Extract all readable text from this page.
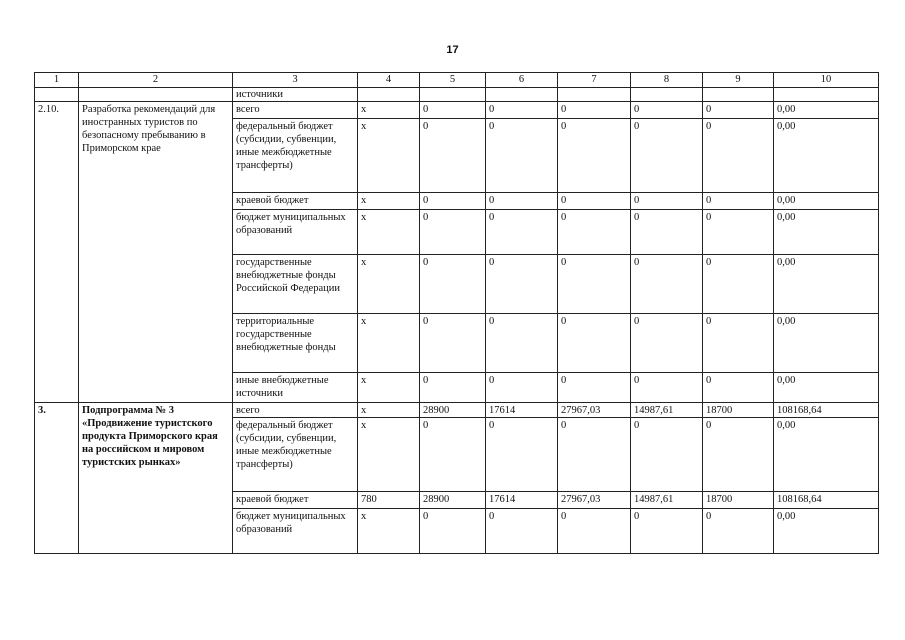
17
1	2	3	4	5	6	7	8	9	10
		источники							
2.10.	Разработка рекомендаций для иностранных туристов по безопасному пребыванию в Приморском крае	всего	х	0	0	0	0	0	0,00
		федеральный бюджет (субсидии, субвенции, иные межбюджетные трансферты)	х	0	0	0	0	0	0,00
		краевой бюджет	х	0	0	0	0	0	0,00
		бюджет муниципальных образований	х	0	0	0	0	0	0,00
		государственные внебюджетные фонды Российской Федерации	х	0	0	0	0	0	0,00
		территориальные государственные внебюджетные фонды	х	0	0	0	0	0	0,00
		иные внебюджетные источники	х	0	0	0	0	0	0,00
3.	Подпрограмма № 3 «Продвижение туристского продукта Приморского края на российском и мировом туристских рынках»	всего	х	28900	17614	27967,03	14987,61	18700	108168,64
		федеральный бюджет (субсидии, субвенции, иные межбюджетные трансферты)	х	0	0	0	0	0	0,00
		краевой бюджет	780	28900	17614	27967,03	14987,61	18700	108168,64
		бюджет муниципальных образований	х	0	0	0	0	0	0,00
